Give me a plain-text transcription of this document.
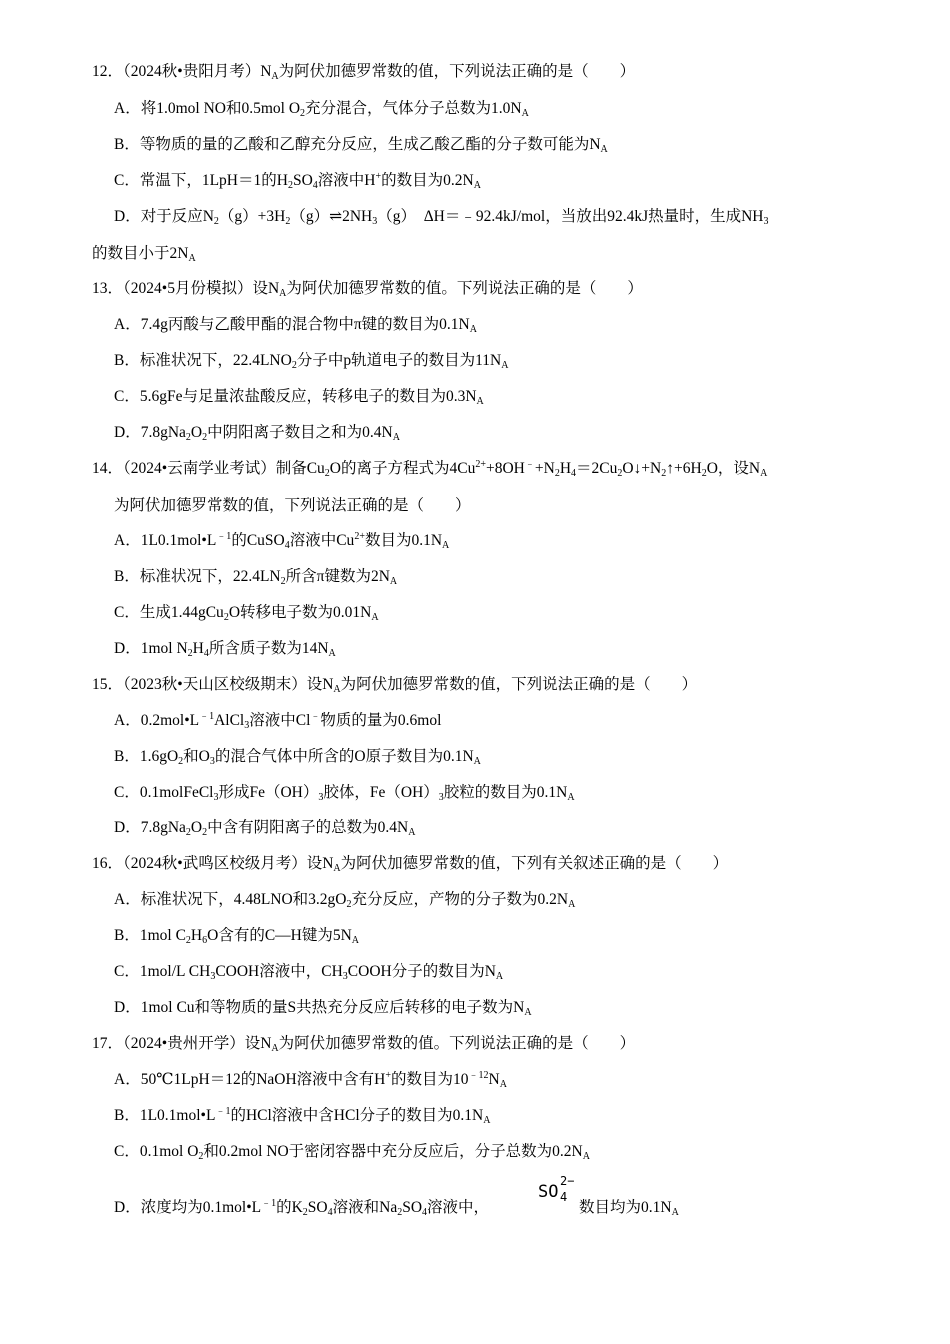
12．（2024秋•贵阳月考）$N_A$为阿伏加德罗常数的值，下列说法正确的是（　　）
A．将1.0mol NO和0.5mol $O_2$充分混合，气体分子总数为$1.0N_A$
B．等物质的量的乙酸和乙醇充分反应，生成乙酸乙酯的分子数可能为$N_A$
C．常温下，1LpH＝1的$H_2SO_4$溶液中H+的数目为$0.2N_A$
D．对于反应$N_2(g)+3H_2(g)\rightleftharpoons 2NH_3(g)$　ΔH＝﹣92.4kJ/mol，当放出92.4kJ热量时，生成$NH_3$
的数目小于$2N_A$
13．（2024•5月份模拟）设$N_A$为阿伏加德罗常数的值。下列说法正确的是（　　）
A．7.4g丙酸与乙酸甲酯的混合物中π键的数目为$0.1N_A$
B．标准状况下，$22.4LNO_2$分子中p轨道电子的数目为$11N_A$
C．5.6gFe与足量浓盐酸反应，转移电子的数目为$0.3N_A$
D．$7.8gNa_2O_2$中阴阳离子数目之和为$0.4N_A$
14．（2024•云南学业考试）制备$Cu_2O$的离子方程式为$4Cu^{2+}+8OH^﹣+N_2H_4=2Cu_2O↓+N_2↑+6H_2O$，设$N_A$
为阿伏加德罗常数的值，下列说法正确的是（　　）
A．$1L0.1mol•L^{﹣1}$的CuSO$_4$溶液中$Cu^{2+}$数目为$0.1N_A$
B．标准状况下，$22.4LN_2$所含π键数为$2N_A$
C．生成1.44gCu$_2$O转移电子数为$0.01N_A$
D．1mol $N_2H_4$所含质子数为$14N_A$
15．（2023秋•天山区校级期末）设$N_A$为阿伏加德罗常数的值，下列说法正确的是（　　）
A．$0.2mol•L^{﹣1}AlCl_3$溶液中Cl﹣物质的量为0.6mol
B．$1.6gO_2$和$O_3$的混合气体中所含的O原子数目为$0.1N_A$
C．0.1molFeCl$_3$形成$Fe(OH)_3$胶体，$Fe(OH)_3$胶粒的数目为$0.1N_A$
D．$7.8gNa_2O_2$中含有阴阳离子的总数为$0.4N_A$
16．（2024秋•武鸣区校级月考）设$N_A$为阿伏加德罗常数的值，下列有关叙述正确的是（　　）
A．标准状况下，4.48LNO和$3.2gO_2$充分反应，产物的分子数为$0.2N_A$
B．1mol $C_2H_6O$含有的C—H键为$5N_A$
C．1mol/L $CH_3COOH$溶液中，$CH_3COOH$分子的数目为$N_A$
D．1mol Cu和等物质的量S共热充分反应后转移的电子数为$N_A$
17．（2024•贵州开学）设$N_A$为阿伏加德罗常数的值。下列说法正确的是（　　）
A．50℃1LpH＝12的NaOH溶液中含有H+的数目为$10^{﹣12}N_A$
B．$1L0.1mol•L^{﹣1}$的HCl溶液中含HCl分子的数目为$0.1N_A$
C．0.1mol $O_2$和0.2mol NO于密闭容器中充分反应后，分子总数为$0.2N_A$
D．浓度均为$0.1mol•L^{﹣1}$的$K_2SO_4$溶液和$Na_2SO_4$溶液中，
SO
2−
4
数目均为$0.1N_A$
